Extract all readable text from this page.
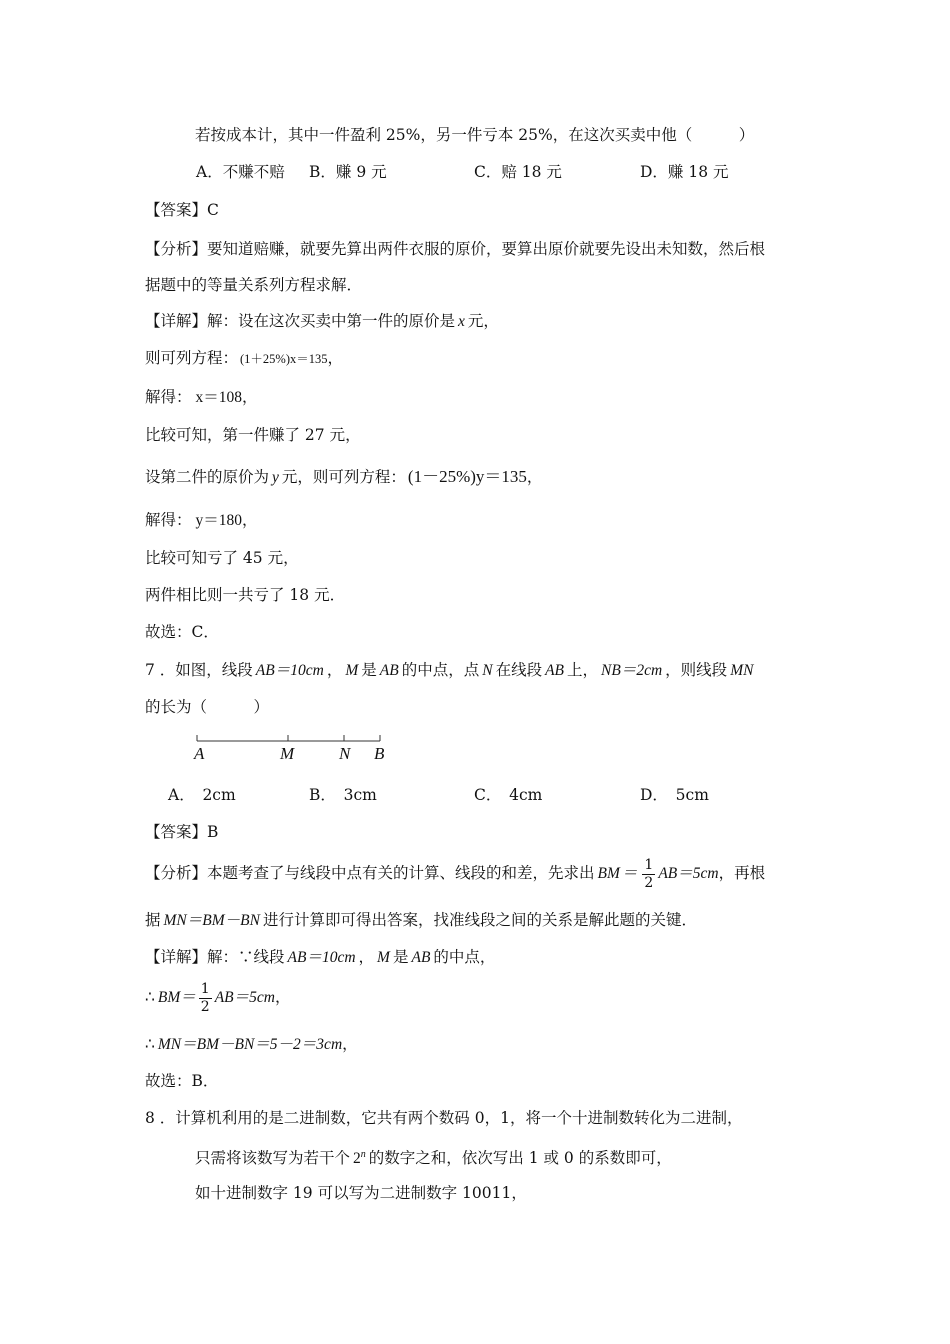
若按成本计，其中一件盈利 25%，另一件亏本 25%，在这次买卖中他（　　　）
A．不赚不赔 B．赚 9 元	C．赔 18 元	D．赚 18 元
【答案】C
【分析】要知道赔赚，就要先算出两件衣服的原价，要算出原价就要先设出未知数，然后根
据题中的等量关系列方程求解．
【详解】解：设在这次买卖中第一件的原价是 x 元，
则可列方程： (1＋25%)x＝135，
解得： x＝108，
比较可知，第一件赚了 27 元，
设第二件的原价为 y 元，则可列方程： (1－25%)y＝135，
解得： y＝180，
比较可知亏了 45 元，
两件相比则一共亏了 18 元．
故选：C．
7 ．如图，线段 AB＝10cm ， M 是 AB 的中点，点 N 在线段 AB 上， NB＝2cm ，则线段 MN
的长为（　　　）
A	M	N B
A．　2cm	B．　3cm	C．　4cm	D．　5cm
【答案】B
【分析】本题考查了与线段中点有关的计算、线段的和差，先求出 BM ＝ $\frac{1}{2} AB=5cm$，再根
据 MN＝BM－BN 进行计算即可得出答案，找准线段之间的关系是解此题的关键．
【详解】解：∵线段 AB＝10cm ， M 是 AB 的中点，
∴ $BM= \frac{1}{2} AB=5cm$，
∴ MN＝BM－BN＝5－2＝3cm，
故选：B．
8 ．计算机利用的是二进制数，它共有两个数码 0，1，将一个十进制数转化为二进制，
只需将该数写为若干个 2$^n$ 的数字之和，依次写出 1 或 0 的系数即可，
如十进制数字 19 可以写为二进制数字 10011，
